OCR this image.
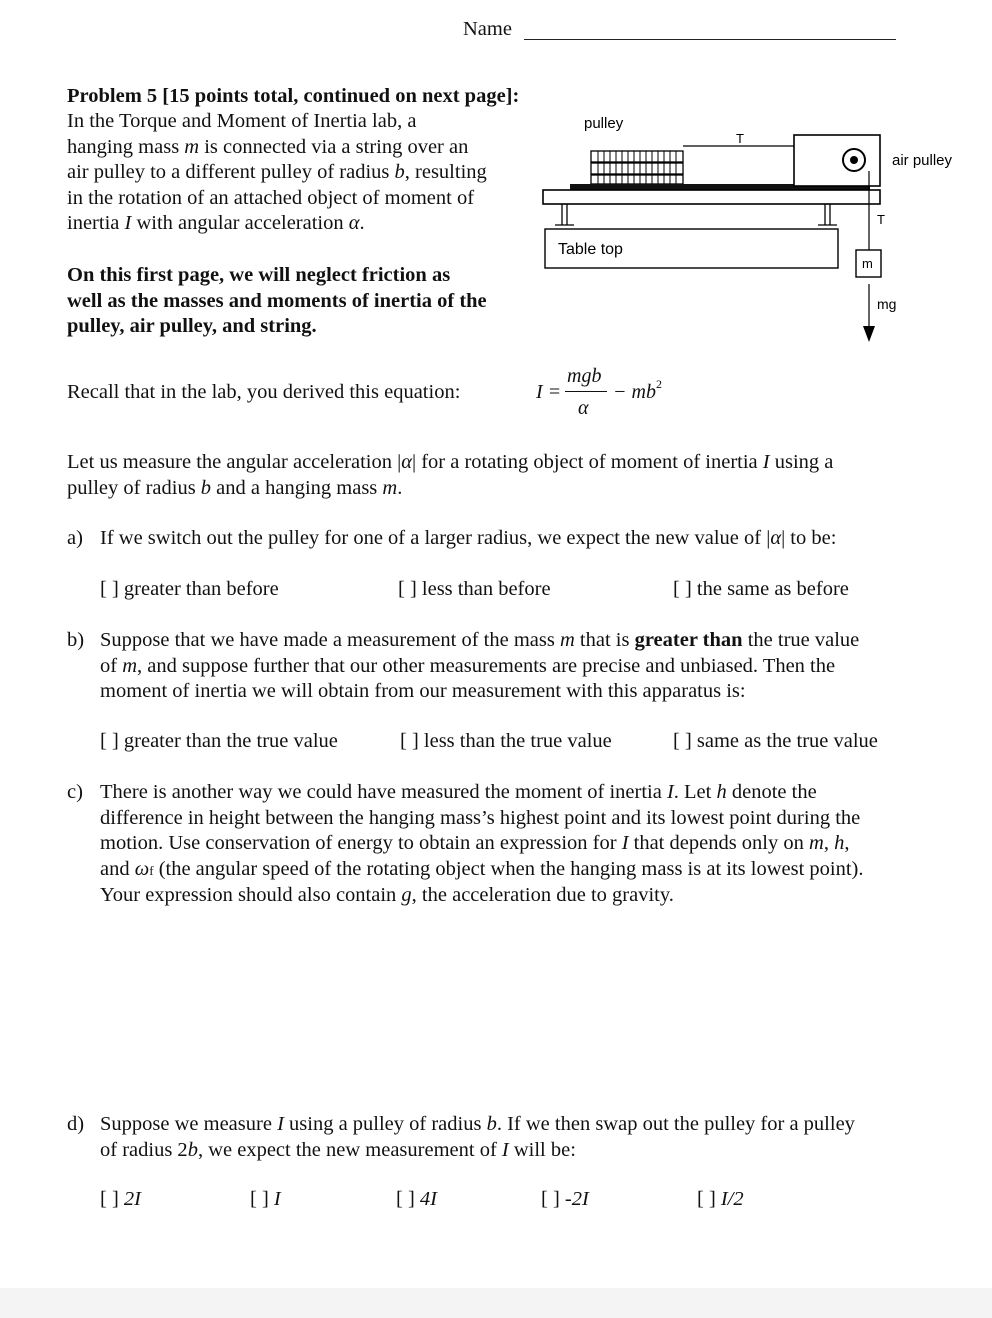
Name
Problem 5 [15 points total, continued on next page]:
In the Torque and Moment of Inertia lab, a
hanging mass m is connected via a string over an
air pulley to a different pulley of radius b, resulting
in the rotation of an attached object of moment of
inertia I with angular acceleration α.
On this first page, we will neglect friction as
well as the masses and moments of inertia of the
pulley, air pulley, and string.
pulley
T
air pulley
T
Table top
m
mg
Recall that in the lab, you derived this equation:	I =
mgb
α
− mb 2
Let us measure the angular acceleration |α| for a rotating object of moment of inertia I using a
pulley of radius b and a hanging mass m.
a) If we switch out the pulley for one of a larger radius, we expect the new value of |α| to be:
[ ] greater than before	[ ] less than before	[ ] the same as before
b) Suppose that we have made a measurement of the mass m that is greater than the true value
of m, and suppose further that our other measurements are precise and unbiased. Then the
moment of inertia we will obtain from our measurement with this apparatus is:
[ ] greater than the true value	[ ] less than the true value	[ ] same as the true value
c) There is another way we could have measured the moment of inertia I. Let h denote the
difference in height between the hanging mass’s highest point and its lowest point during the
motion. Use conservation of energy to obtain an expression for I that depends only on m, h,
and ωf (the angular speed of the rotating object when the hanging mass is at its lowest point).
Your expression should also contain g, the acceleration due to gravity.
d) Suppose we measure I using a pulley of radius b. If we then swap out the pulley for a pulley
of radius 2b, we expect the new measurement of I will be:
[ ] 2I	[ ] I	[ ] 4I	[ ] -2I	[ ] I/2
